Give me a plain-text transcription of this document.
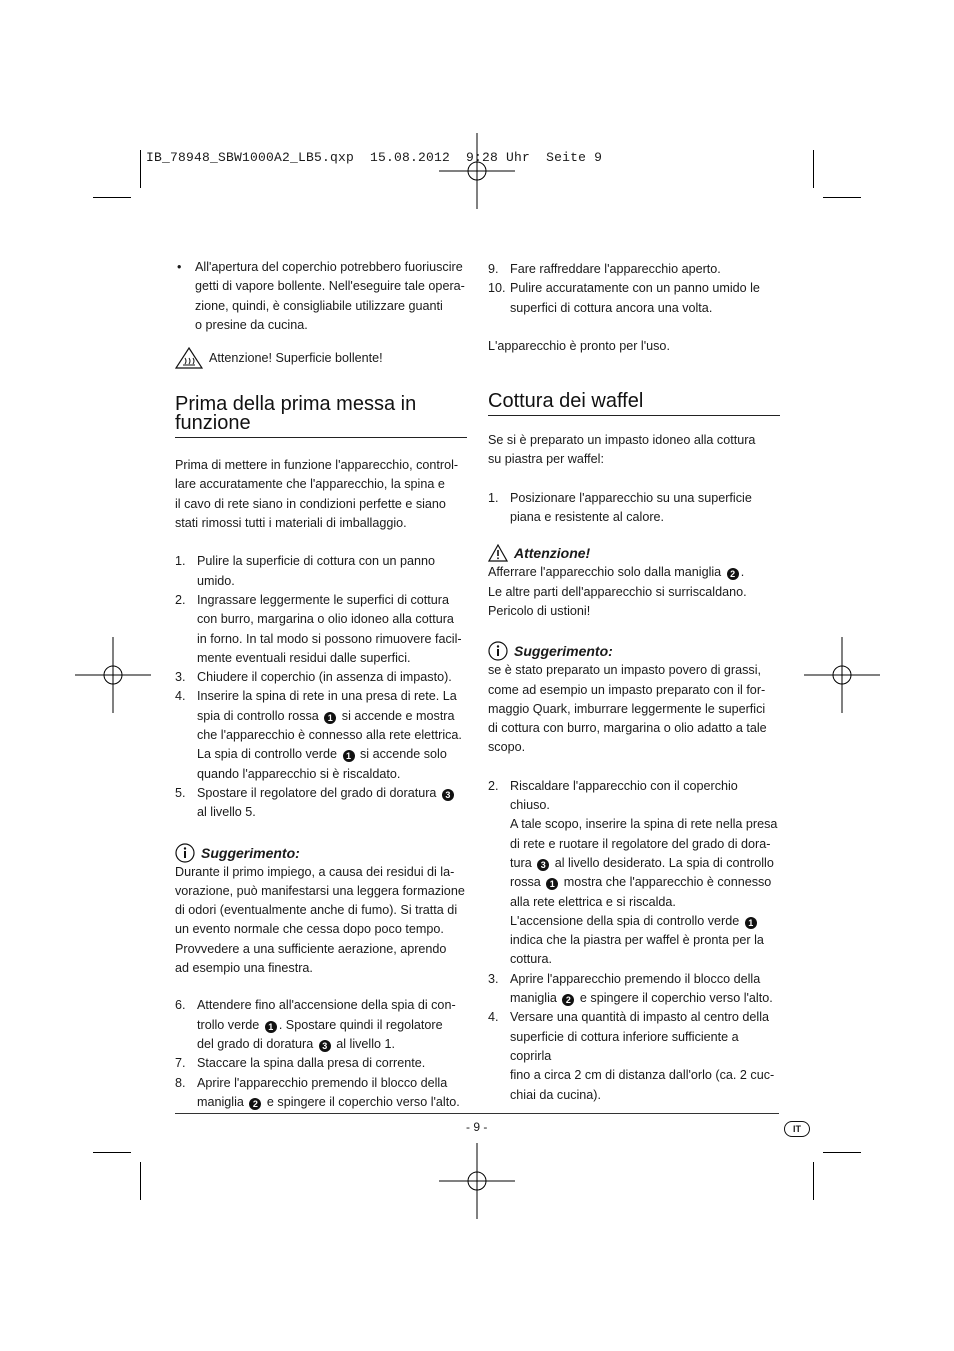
IB_78948_SBW1000A2_LB5.qxp  15.08.2012  9:28 Uhr  Seite 9
•	All'apertura del coperchio potrebbero fuoriuscire
getti di vapore bollente. Nell'eseguire tale opera-
zione, quindi, è consigliabile utilizzare guanti
o presine da cucina.
Attenzione! Superficie bollente!
Prima della prima messa in
funzione
Prima di mettere in funzione l'apparecchio, control-
lare accuratamente che l'apparecchio, la spina e
il cavo di rete siano in condizioni perfette e siano
stati rimossi tutti i materiali di imballaggio.
1. Pulire la superficie di cottura con un panno
umido.
2. Ingrassare leggermente le superfici di cottura
con burro, margarina o olio idoneo alla cottura
in forno. In tal modo si possono rimuovere facil-
mente eventuali residui dalle superfici.
3. Chiudere il coperchio (in assenza di impasto).
4. Inserire la spina di rete in una presa di rete. La
spia di controllo rossa 1 si accende e mostra
che l'apparecchio è connesso alla rete elettrica.
La spia di controllo verde 1 si accende solo
quando l'apparecchio si è riscaldato.
5. Spostare il regolatore del grado di doratura 3
al livello 5.
Suggerimento:
Durante il primo impiego, a causa dei residui di la-
vorazione, può manifestarsi una leggera formazione
di odori (eventualmente anche di fumo). Si tratta di
un evento normale che cessa dopo poco tempo.
Provvedere a una sufficiente aerazione, aprendo
ad esempio una finestra.
6. Attendere fino all'accensione della spia di con-
trollo verde 1 . Spostare quindi il regolatore
del grado di doratura 3 al livello 1.
7. Staccare la spina dalla presa di corrente.
8. Aprire l'apparecchio premendo il blocco della
maniglia 2 e spingere il coperchio verso l'alto.
9. Fare raffreddare l'apparecchio aperto.
10. Pulire accuratamente con un panno umido le
superfici di cottura ancora una volta.
L'apparecchio è pronto per l'uso.
Cottura dei waffel
Se si è preparato un impasto idoneo alla cottura
su piastra per waffel:
1. Posizionare l'apparecchio su una superficie
piana e resistente al calore.
Attenzione!
Afferrare l'apparecchio solo dalla maniglia 2 .
Le altre parti dell'apparecchio si surriscaldano.
Pericolo di ustioni!
Suggerimento:
se è stato preparato un impasto povero di grassi,
come ad esempio un impasto preparato con il for-
maggio Quark, imburrare leggermente le superfici
di cottura con burro, margarina o olio adatto a tale
scopo.
2. Riscaldare l'apparecchio con il coperchio chiuso.
A tale scopo, inserire la spina di rete nella presa
di rete e ruotare il regolatore del grado di dora-
tura 3 al livello desiderato. La spia di controllo
rossa 1 mostra che l'apparecchio è connesso
alla rete elettrica e si riscalda.
L'accensione della spia di controllo verde 1
indica che la piastra per waffel è pronta per la
cottura.
3. Aprire l'apparecchio premendo il blocco della
maniglia 2 e spingere il coperchio verso l'alto.
4. Versare una quantità di impasto al centro della
superficie di cottura inferiore sufficiente a coprirla
fino a circa 2 cm di distanza dall'orlo (ca. 2 cuc-
chiai da cucina).
- 9 -	IT
